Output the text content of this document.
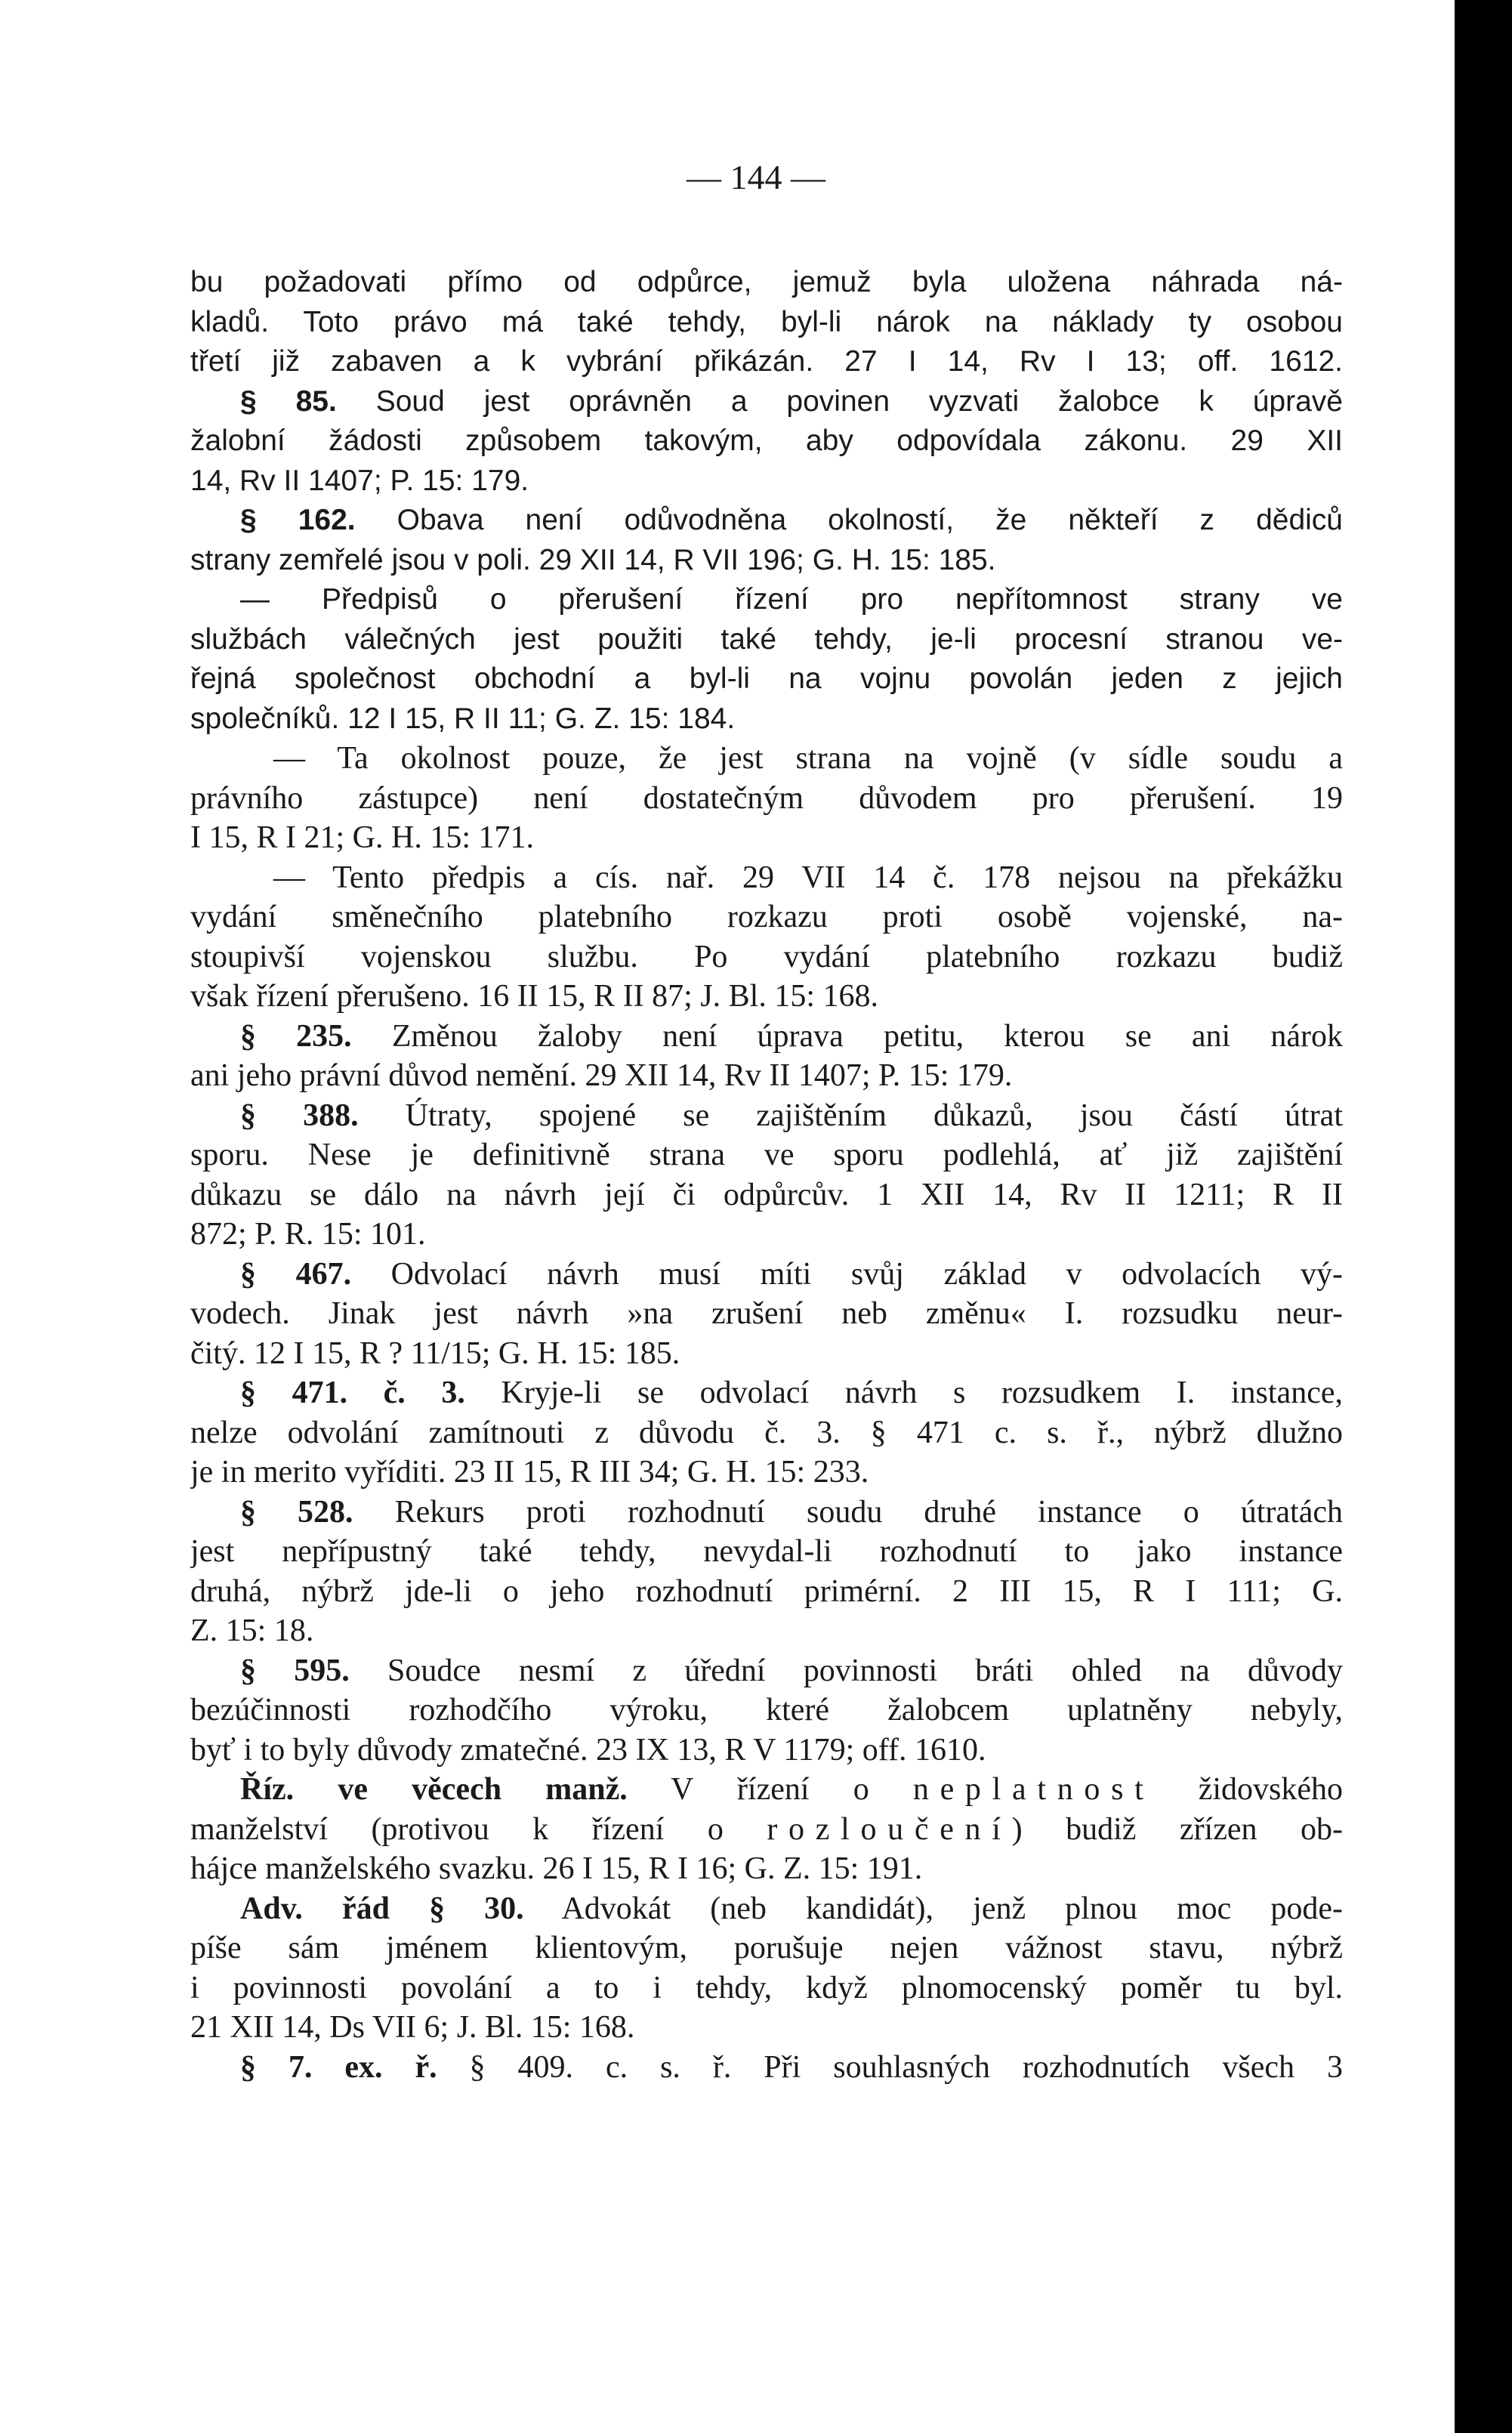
— 144 —
bu požadovati přímo od odpůrce, jemuž byla uložena náhrada ná-
kladů. Toto právo má také tehdy, byl-li nárok na náklady ty osobou
třetí již zabaven a k vybrání přikázán. 27 I 14, Rv I 13; off. 1612.
§ 85. Soud jest oprávněn a povinen vyzvati žalobce k úpravě
žalobní žádosti způsobem takovým, aby odpovídala zákonu. 29 XII
14, Rv II 1407; P. 15: 179.
§ 162. Obava není odůvodněna okolností, že někteří z dědiců
strany zemřelé jsou v poli. 29 XII 14, R VII 196; G. H. 15: 185.
— Předpisů o přerušení řízení pro nepřítomnost strany ve
službách válečných jest použiti také tehdy, je-li procesní stranou ve-
řejná společnost obchodní a byl-li na vojnu povolán jeden z jejich
společníků. 12 I 15, R II 11; G. Z. 15: 184.
— Ta okolnost pouze, že jest strana na vojně (v sídle soudu a
právního zástupce) není dostatečným důvodem pro přerušení. 19
I 15, R I 21; G. H. 15: 171.
— Tento předpis a cís. nař. 29 VII 14 č. 178 nejsou na překážku
vydání směnečního platebního rozkazu proti osobě vojenské, na-
stoupivší vojenskou službu. Po vydání platebního rozkazu budiž
však řízení přerušeno. 16 II 15, R II 87; J. Bl. 15: 168.
§ 235. Změnou žaloby není úprava petitu, kterou se ani nárok
ani jeho právní důvod nemění. 29 XII 14, Rv II 1407; P. 15: 179.
§ 388. Útraty, spojené se zajištěním důkazů, jsou částí útrat
sporu. Nese je definitivně strana ve sporu podlehlá, ať již zajištění
důkazu se dálo na návrh její či odpůrcův. 1 XII 14, Rv II 1211; R II
872; P. R. 15: 101.
§ 467. Odvolací návrh musí míti svůj základ v odvolacích vý-
vodech. Jinak jest návrh »na zrušení neb změnu« I. rozsudku neur-
čitý. 12 I 15, R ? 11/15; G. H. 15: 185.
§ 471. č. 3. Kryje-li se odvolací návrh s rozsudkem I. instance,
nelze odvolání zamítnouti z důvodu č. 3. § 471 c. s. ř., nýbrž dlužno
je in merito vyříditi. 23 II 15, R III 34; G. H. 15: 233.
§ 528. Rekurs proti rozhodnutí soudu druhé instance o útratách
jest nepřípustný také tehdy, nevydal-li rozhodnutí to jako instance
druhá, nýbrž jde-li o jeho rozhodnutí primérní. 2 III 15, R I 111; G.
Z. 15: 18.
§ 595. Soudce nesmí z úřední povinnosti bráti ohled na důvody
bezúčinnosti rozhodčího výroku, které žalobcem uplatněny nebyly,
byť i to byly důvody zmatečné. 23 IX 13, R V 1179; off. 1610.
Říz. ve věcech manž. V řízení o neplatnost židovského
manželství (protivou k řízení o rozloučení) budiž zřízen ob-
hájce manželského svazku. 26 I 15, R I 16; G. Z. 15: 191.
Adv. řád § 30. Advokát (neb kandidát), jenž plnou moc pode-
píše sám jménem klientovým, porušuje nejen vážnost stavu, nýbrž
i povinnosti povolání a to i tehdy, když plnomocenský poměr tu byl.
21 XII 14, Ds VII 6; J. Bl. 15: 168.
§ 7. ex. ř. § 409. c. s. ř. Při souhlasných rozhodnutích všech 3
